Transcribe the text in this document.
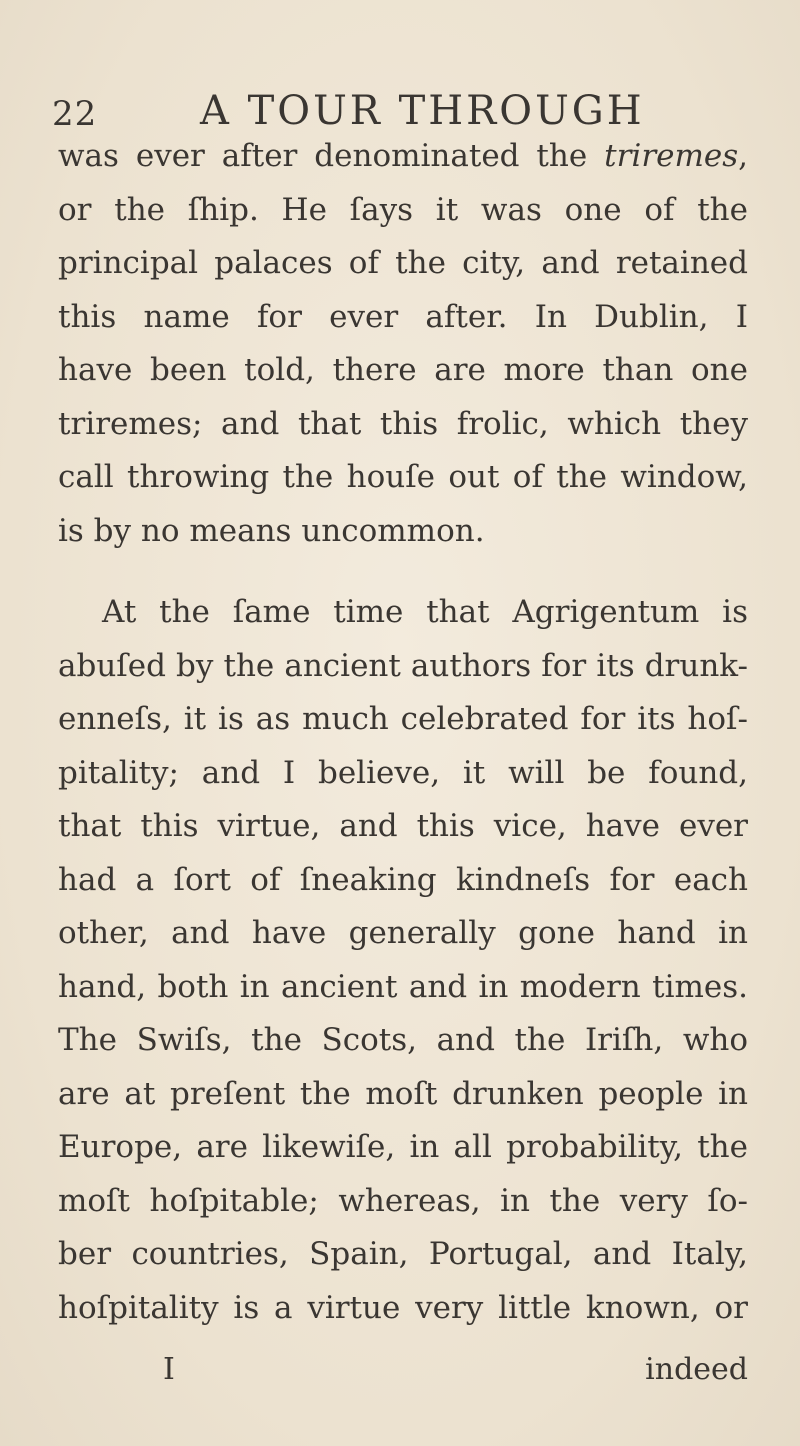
22	A TOUR THROUGH
was ever after denominated the triremes,
or the ſhip. He ſays it was one of the
principal palaces of the city, and retained
this name for ever after. In Dublin, I
have been told, there are more than one
triremes; and that this frolic, which they
call throwing the houſe out of the window,
is by no means uncommon.
At the ſame time that Agrigentum is
abuſed by the ancient authors for its drunk-
enneſs, it is as much celebrated for its hoſ-
pitality; and I believe, it will be found,
that this virtue, and this vice, have ever
had a ſort of ſneaking kindneſs for each
other, and have generally gone hand in
hand, both in ancient and in modern times.
The Swiſs, the Scots, and the Iriſh, who
are at preſent the moſt drunken people in
Europe, are likewiſe, in all probability, the
moſt hoſpitable; whereas, in the very ſo-
ber countries, Spain, Portugal, and Italy,
hoſpitality is a virtue very little known, or
I	indeed
